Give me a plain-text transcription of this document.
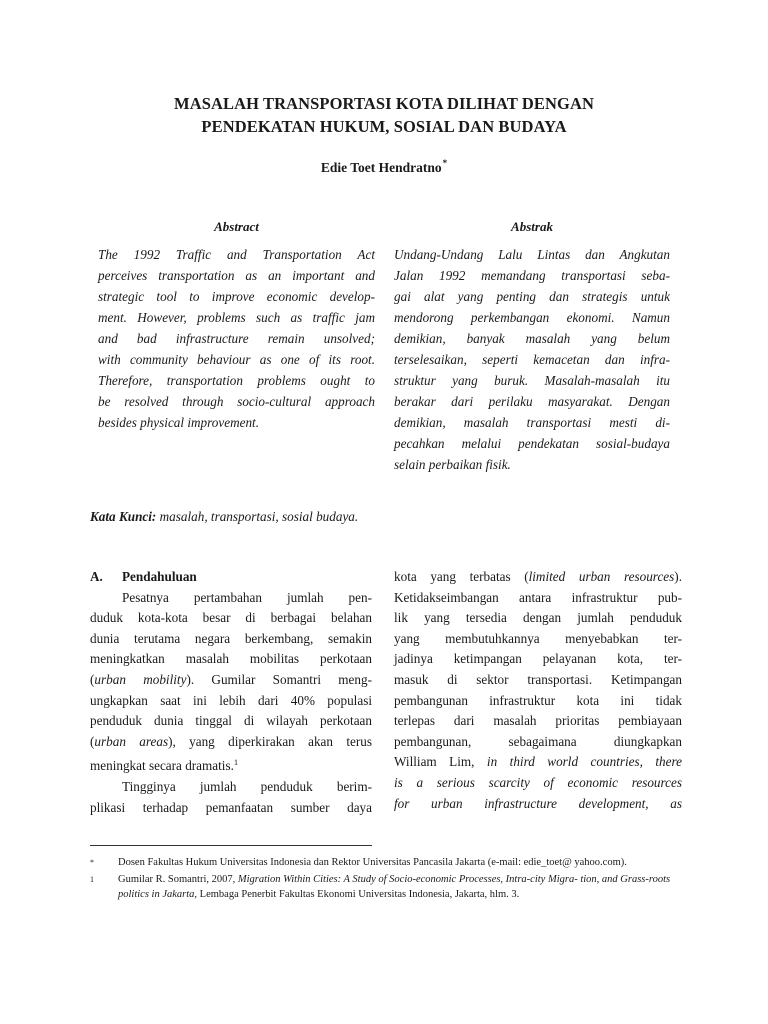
MASALAH TRANSPORTASI KOTA DILIHAT DENGAN
PENDEKATAN HUKUM, SOSIAL DAN BUDAYA
Edie Toet Hendratno*
Abstract	Abstrak
The 1992 Traffic and Transportation Act
perceives transportation as an important and
strategic tool to improve economic develop-
ment. However, problems such as traffic jam
and bad infrastructure remain unsolved;
with community behaviour as one of its root.
Therefore, transportation problems ought to
be resolved through socio-cultural approach
besides physical improvement.
Undang-Undang Lalu Lintas dan Angkutan
Jalan 1992 memandang transportasi seba-
gai alat yang penting dan strategis untuk
mendorong perkembangan ekonomi. Namun
demikian, banyak masalah yang belum
terselesaikan, seperti kemacetan dan infra-
struktur yang buruk. Masalah-masalah itu
berakar dari perilaku masyarakat. Dengan
demikian, masalah transportasi mesti di-
pecahkan melalui pendekatan sosial-budaya
selain perbaikan fisik.
Kata Kunci: masalah, transportasi, sosial budaya.
A.	Pendahuluan
Pesatnya pertambahan jumlah pen-
duduk kota-kota besar di berbagai belahan
dunia terutama negara berkembang, semakin
meningkatkan masalah mobilitas perkotaan
(urban mobility). Gumilar Somantri meng-
ungkapkan saat ini lebih dari 40% populasi
penduduk dunia tinggal di wilayah perkotaan
(urban areas), yang diperkirakan akan terus
meningkat secara dramatis.$^1$
Tingginya jumlah penduduk berim-
plikasi terhadap pemanfaatan sumber daya
kota yang terbatas (limited urban resources).
Ketidakseimbangan antara infrastruktur pub-
lik yang tersedia dengan jumlah penduduk
yang membutuhkannya menyebabkan ter-
jadinya ketimpangan pelayanan kota, ter-
masuk di sektor transportasi. Ketimpangan
pembangunan infrastruktur kota ini tidak
terlepas dari masalah prioritas pembiayaan
pembangunan, sebagaimana diungkapkan
William Lim, in third world countries, there
is a serious scarcity of economic resources
for urban infrastructure development, as
*	Dosen Fakultas Hukum Universitas Indonesia dan Rektor Universitas Pancasila Jakarta (e-mail: edie_toet@ yahoo.com).
1	Gumilar R. Somantri, 2007, Migration Within Cities: A Study of Socio-economic Processes, Intra-city Migra- tion, and Grass-roots politics in Jakarta, Lembaga Penerbit Fakultas Ekonomi Universitas Indonesia, Jakarta, hlm. 3.
